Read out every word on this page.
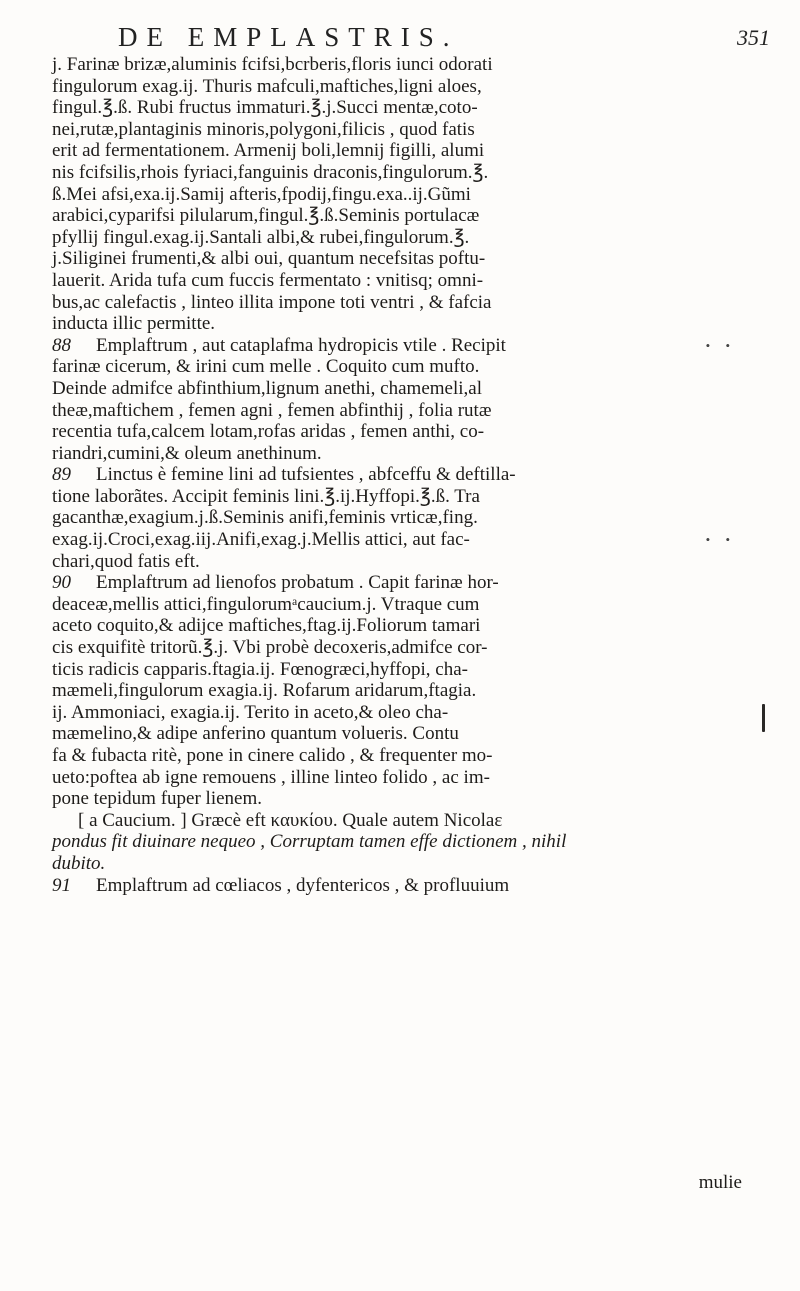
DE EMPLASTRIS.	351
j. Farinæ brizæ,aluminis fcifsi,bcrberis,floris iunci odorati
fingulorum exag.ij. Thuris mafculi,maftiches,ligni aloes,
fingul.℥.ß. Rubi fructus immaturi.℥.j.Succi mentæ,coto-
nei,rutæ,plantaginis minoris,polygoni,filicis , quod fatis
erit ad fermentationem. Armenij boli,lemnij figilli, alumi
nis fcifsilis,rhois fyriaci,fanguinis draconis,fingulorum.℥.
ß.Mei afsi,exa.ij.Samij afteris,fpodij,fingu.exa..ij.Gũmi
arabici,cyparifsi pilularum,fingul.℥.ß.Seminis portulacæ
pfyllij fingul.exag.ij.Santali albi,& rubei,fingulorum.℥.
j.Siliginei frumenti,& albi oui, quantum necefsitas poftu-
lauerit. Arida tufa cum fuccis fermentato : vnitisq; omni-
bus,ac calefactis , linteo illita impone toti ventri , & fafcia
inducta illic permitte.
88 Emplaftrum , aut cataplafma hydropicis vtile . Recipit	• •
farinæ cicerum, & irini cum melle . Coquito cum mufto.
Deinde admifce abfinthium,lignum anethi, chamemeli,al
theæ,maftichem , femen agni , femen abfinthij , folia rutæ
recentia tufa,calcem lotam,rofas aridas , femen anthi, co-
riandri,cumini,& oleum anethinum.
89 Linctus è femine lini ad tufsientes , abfceffu & deftilla-
tione laborãtes. Accipit feminis lini.℥.ij.Hyffopi.℥.ß. Tra
gacanthæ,exagium.j.ß.Seminis anifi,feminis vrticæ,fing.
exag.ij.Croci,exag.iij.Anifi,exag.j.Mellis attici, aut fac-	• •
chari,quod fatis eft.
90 Emplaftrum ad lienofos probatum . Capit farinæ hor-
deaceæ,mellis attici,fingulorumᵃcaucium.j. Vtraque cum
aceto coquito,& adijce maftiches,ftag.ij.Foliorum tamari
cis exquifitè tritorũ.℥.j. Vbi probè decoxeris,admifce cor-
ticis radicis capparis.ftagia.ij. Fœnogræci,hyffopi, cha-
mæmeli,fingulorum exagia.ij. Rofarum aridarum,ftagia.
ij. Ammoniaci, exagia.ij. Terito in aceto,& oleo cha-
mæmelino,& adipe anferino quantum volueris. Contu
fa & fubacta ritè, pone in cinere calido , & frequenter mo-
ueto:poftea ab igne remouens , illine linteo folido , ac im-
pone tepidum fuper lienem.
[ a Caucium. ] Græcè eft καυκίου. Quale autem Nicolaɛ
pondus fit diuinare nequeo , Corruptam tamen effe dictionem , nihil
dubito.
91 Emplaftrum ad cœliacos , dyfentericos , & profluuium
mulie
